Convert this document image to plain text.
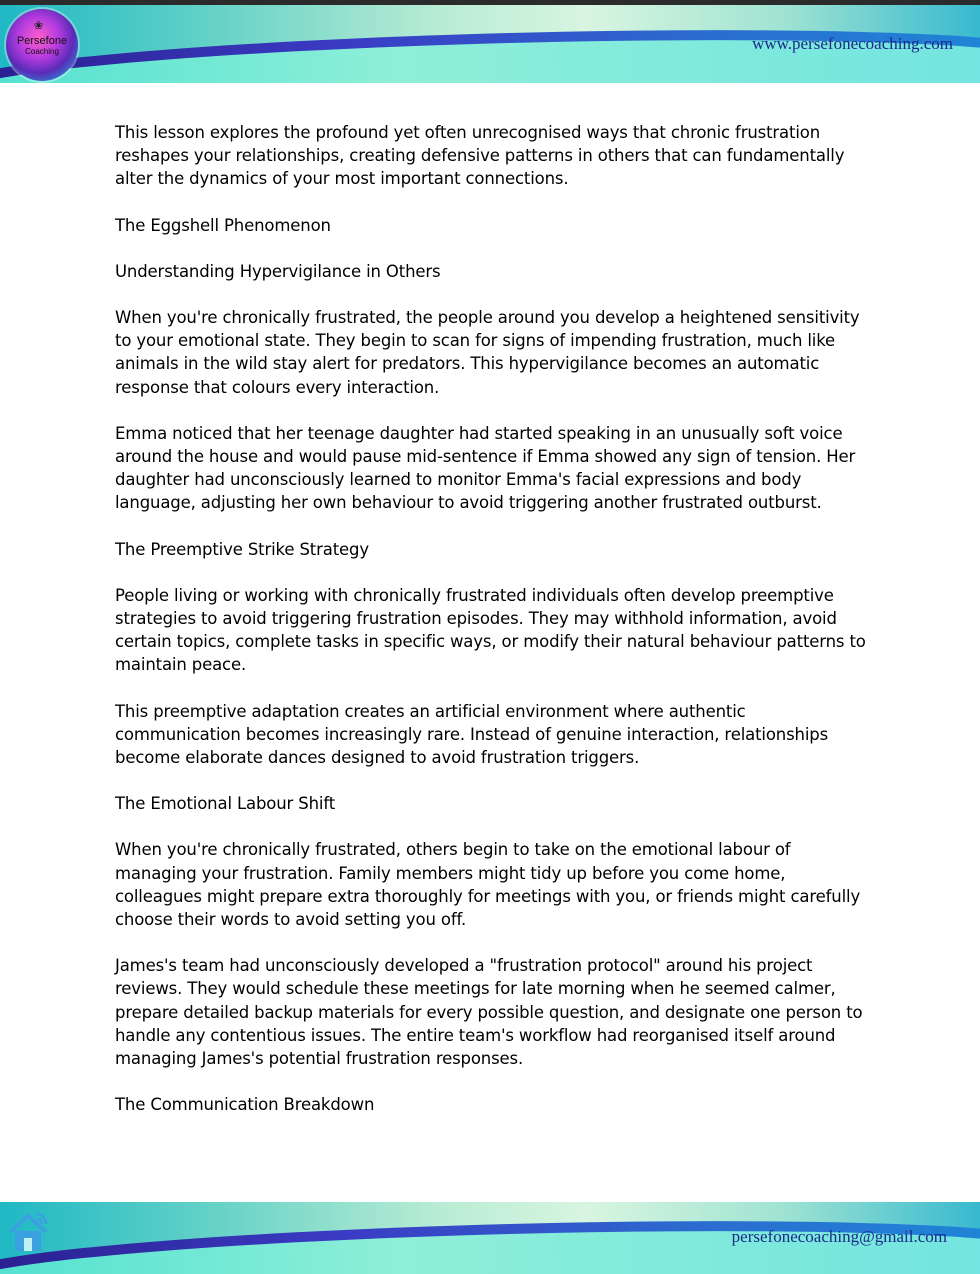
❀
Persefone
Coaching	www.persefonecoaching.com

This lesson explores the profound yet often unrecognised ways that chronic frustration reshapes your relationships, creating defensive patterns in others that can fundamentally alter the dynamics of your most important connections.

The Eggshell Phenomenon

Understanding Hypervigilance in Others

When you're chronically frustrated, the people around you develop a heightened sensitivity to your emotional state. They begin to scan for signs of impending frustration, much like animals in the wild stay alert for predators. This hypervigilance becomes an automatic response that colours every interaction.

Emma noticed that her teenage daughter had started speaking in an unusually soft voice around the house and would pause mid-sentence if Emma showed any sign of tension. Her daughter had unconsciously learned to monitor Emma's facial expressions and body language, adjusting her own behaviour to avoid triggering another frustrated outburst.

The Preemptive Strike Strategy

People living or working with chronically frustrated individuals often develop preemptive strategies to avoid triggering frustration episodes. They may withhold information, avoid certain topics, complete tasks in specific ways, or modify their natural behaviour patterns to maintain peace.

This preemptive adaptation creates an artificial environment where authentic communication becomes increasingly rare. Instead of genuine interaction, relationships become elaborate dances designed to avoid frustration triggers.

The Emotional Labour Shift

When you're chronically frustrated, others begin to take on the emotional labour of managing your frustration. Family members might tidy up before you come home, colleagues might prepare extra thoroughly for meetings with you, or friends might carefully choose their words to avoid setting you off.

James's team had unconsciously developed a "frustration protocol" around his project reviews. They would schedule these meetings for late morning when he seemed calmer, prepare detailed backup materials for every possible question, and designate one person to handle any contentious issues. The entire team's workflow had reorganised itself around managing James's potential frustration responses.

The Communication Breakdown

persefonecoaching@gmail.com
